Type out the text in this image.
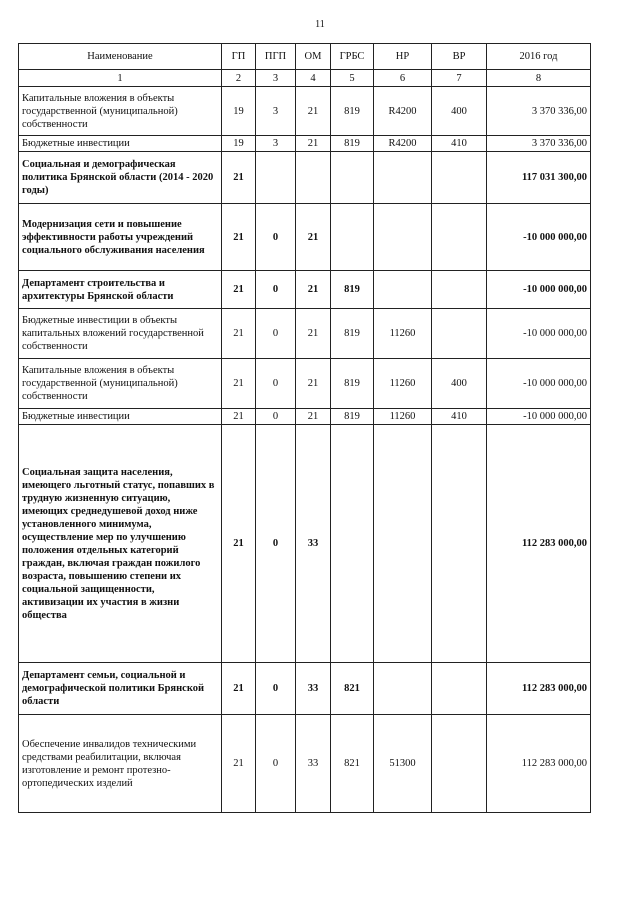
11
Наименование	ГП	ПГП	ОМ	ГРБС	НР	ВР	2016 год
1	2	3	4	5	6	7	8
Капитальные вложения в объекты государственной (муниципальной) собственности	19	3	21	819	R4200	400	3 370 336,00
Бюджетные инвестиции	19	3	21	819	R4200	410	3 370 336,00
Социальная и демографическая политика Брянской области (2014 - 2020 годы)	21						117 031 300,00
Модернизация сети и повышение эффективности работы учреждений социального обслуживания населения	21	0	21				-10 000 000,00
Департамент строительства и архитектуры Брянской области	21	0	21	819			-10 000 000,00
Бюджетные инвестиции в объекты капитальных вложений государственной собственности	21	0	21	819	11260		-10 000 000,00
Капитальные вложения в объекты государственной (муниципальной) собственности	21	0	21	819	11260	400	-10 000 000,00
Бюджетные инвестиции	21	0	21	819	11260	410	-10 000 000,00
Социальная защита населения, имеющего льготный статус, попавших в трудную жизненную ситуацию, имеющих среднедушевой доход ниже установленного минимума, осуществление мер по улучшению положения отдельных категорий граждан, включая граждан пожилого возраста, повышению степени их социальной защищенности, активизации их участия в жизни общества	21	0	33				112 283 000,00
Департамент семьи, социальной и демографической политики Брянской области	21	0	33	821			112 283 000,00
Обеспечение инвалидов техническими средствами реабилитации, включая изготовление и ремонт протезно-ортопедических изделий	21	0	33	821	51300		112 283 000,00
